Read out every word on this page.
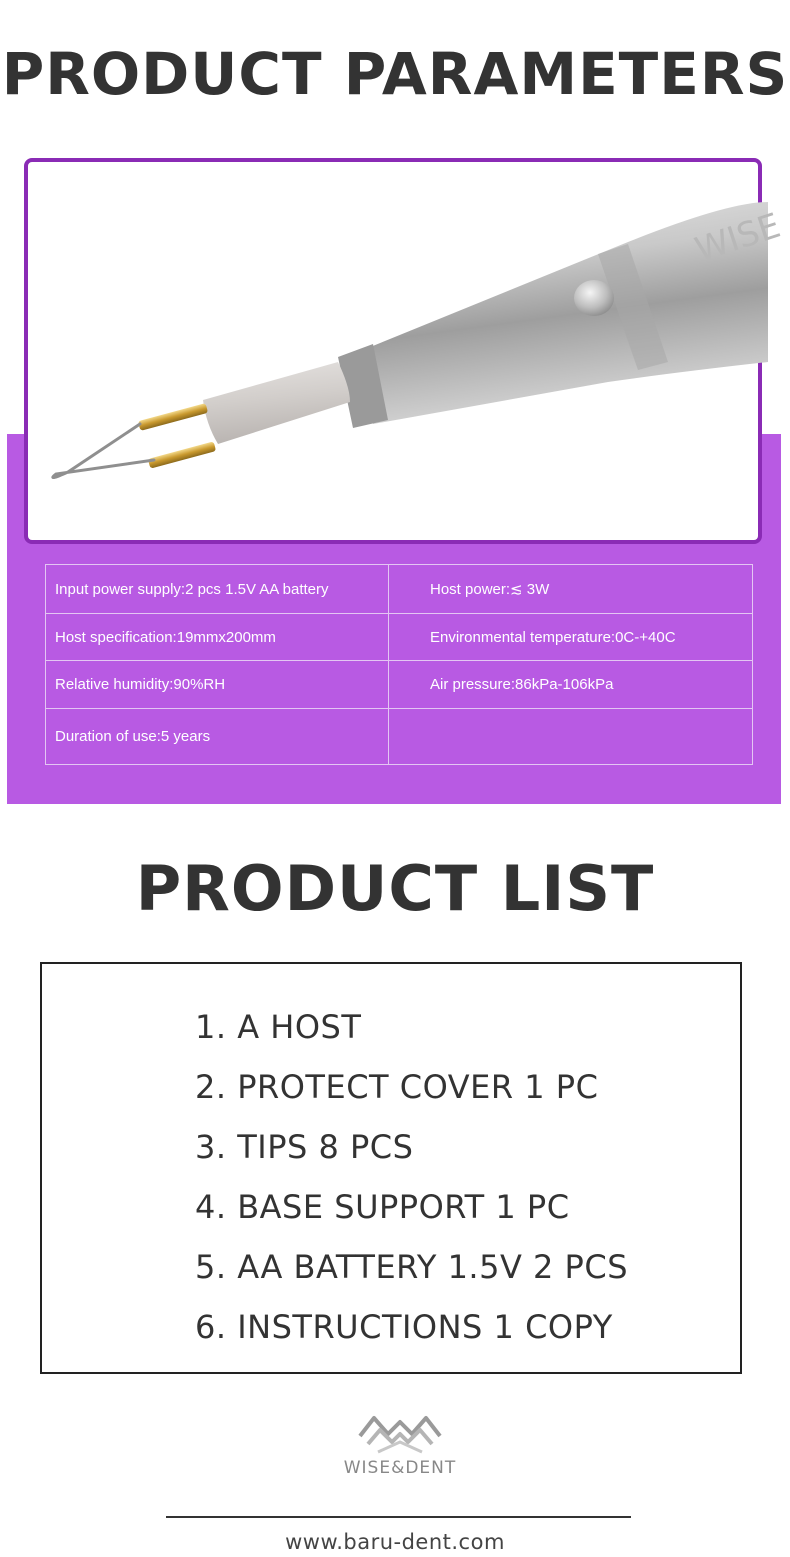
PRODUCT PARAMETERS
WISE
Input power supply:2 pcs 1.5V AA battery	Host power:≲ 3W
Host specification:19mmx200mm	Environmental temperature:0C-+40C
Relative humidity:90%RH	Air pressure:86kPa-106kPa
Duration of use:5 years	
PRODUCT LIST
1. A HOST
2. PROTECT COVER 1 PC
3. TIPS 8 PCS
4. BASE SUPPORT 1 PC
5. AA BATTERY 1.5V 2 PCS
6. INSTRUCTIONS 1 COPY
WISE&DENT
www.baru-dent.com
